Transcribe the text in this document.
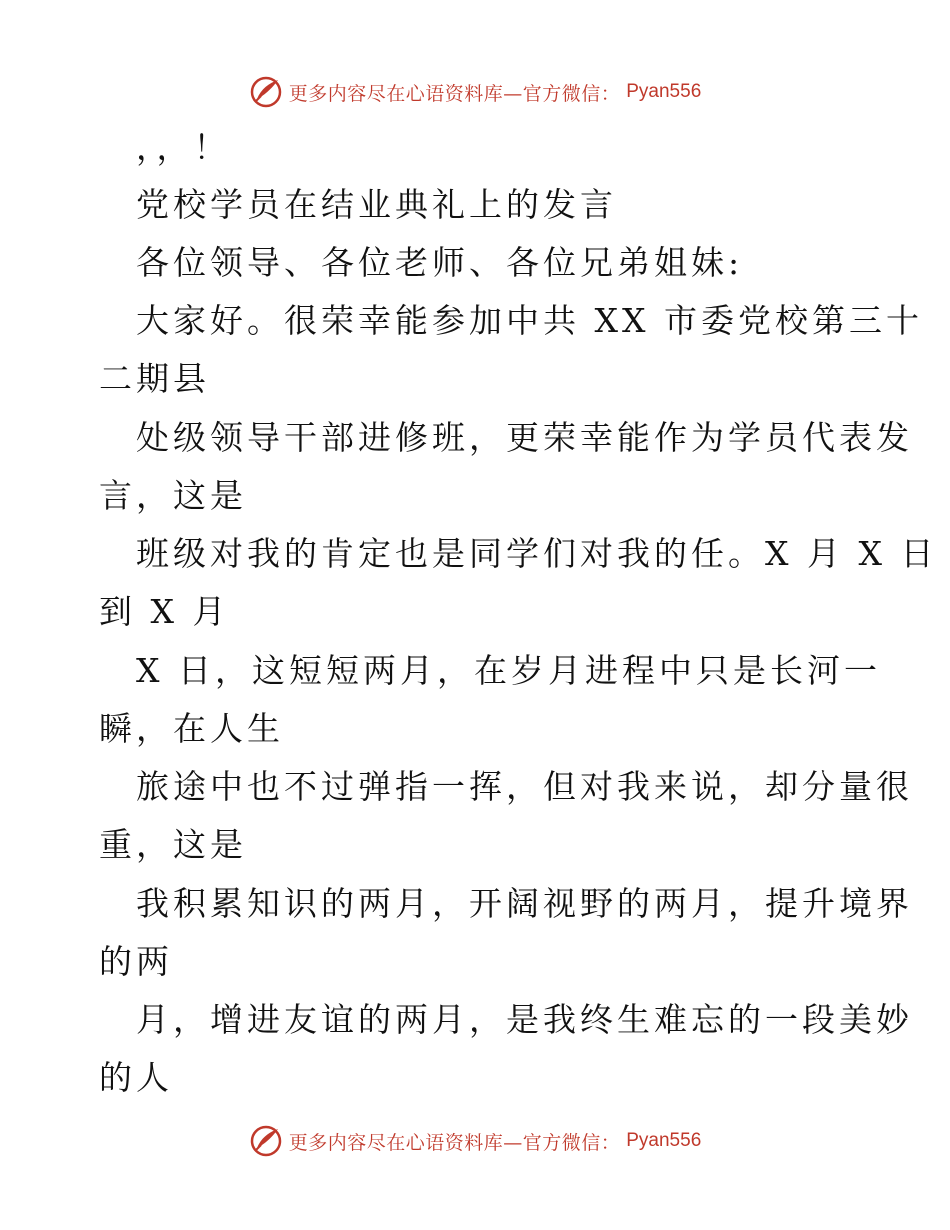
更多内容尽在心语资料库—官方微信： Pyan556
，，！
党校学员在结业典礼上的发言
各位领导、各位老师、各位兄弟姐妹:
大家好。很荣幸能参加中共 XX 市委党校第三十
二期县
处级领导干部进修班，更荣幸能作为学员代表发
言，这是
班级对我的肯定也是同学们对我的任。X 月 X 日
到 X 月
X 日，这短短两月，在岁月进程中只是长河一
瞬，在人生
旅途中也不过弹指一挥，但对我来说，却分量很
重，这是
我积累知识的两月，开阔视野的两月，提升境界
的两
月，增进友谊的两月，是我终生难忘的一段美妙
的人
更多内容尽在心语资料库—官方微信： Pyan556
